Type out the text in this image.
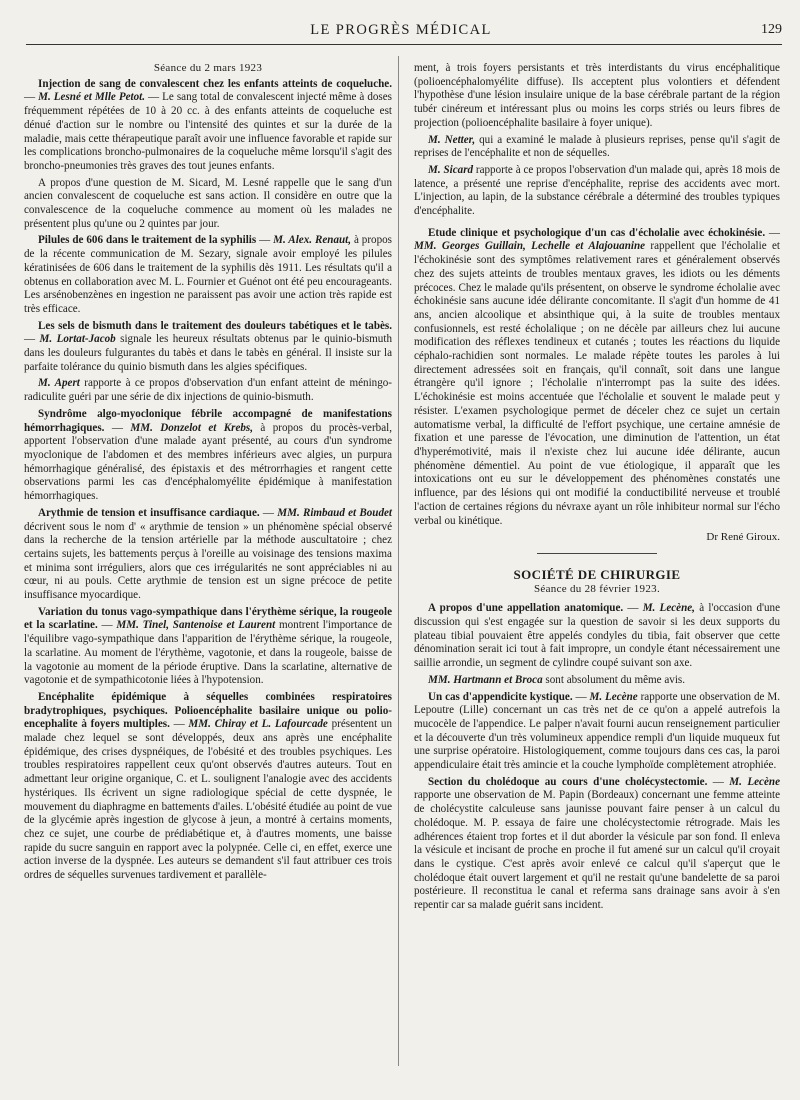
LE PROGRÈS MÉDICAL	129
Séance du 2 mars 1923

Injection de sang de convalescent chez les enfants atteints de coqueluche. — M. Lesné et Mlle Petot. — Le sang total de convalescent injecté même à doses fréquemment répétées de 10 à 20 cc. à des enfants atteints de coqueluche est dénué d'action sur le nombre ou l'intensité des quintes et sur la durée de la maladie, mais cette thérapeutique paraît avoir une influence favorable et rapide sur les complications broncho-pulmonaires de la coqueluche même lorsqu'il s'agit des broncho-pneumonies très graves des tout jeunes enfants.

A propos d'une question de M. Sicard, M. Lesné rappelle que le sang d'un ancien convalescent de coqueluche est sans action. Il considère en outre que la convalescence de la coqueluche commence au moment où les malades ne présentent plus qu'une ou 2 quintes par jour.

Pilules de 606 dans le traitement de la syphilis — M. Alex. Renaut, à propos de la récente communication de M. Sezary, signale avoir employé les pilules kératinisées de 606 dans le traitement de la syphilis dès 1911. Les résultats qu'il a obtenus en collaboration avec M. L. Fournier et Guénot ont été peu encourageants. Les arsénobenzènes en ingestion ne paraissent pas avoir une action très rapide est très efficace.

Les sels de bismuth dans le traitement des douleurs tabétiques et le tabès. — M. Lortat-Jacob signale les heureux résultats obtenus par le quinio-bismuth dans les douleurs fulgurantes du tabès et dans le tabès en général. Il insiste sur la parfaite tolérance du quinio bismuth dans les algies spécifiques.

M. Apert rapporte à ce propos d'observation d'un enfant atteint de méningo-radiculite guéri par une série de dix injections de quinio-bismuth.

Syndrôme algo-myoclonique fébrile accompagné de manifestations hémorrhagiques. — MM. Donzelot et Krebs, à propos du procès-verbal, apportent l'observation d'une malade ayant présenté, au cours d'un syndrome myoclonique de l'abdomen et des membres inférieurs avec algies, un purpura hémorrhagique généralisé, des épistaxis et des métrorrhagies et rangent cette observations parmi les cas d'encéphalomyélite épidémique à manifestation hémorrhagiques.

Arythmie de tension et insuffisance cardiaque. — MM. Rimbaud et Boudet décrivent sous le nom d' « arythmie de tension » un phénomène spécial observé dans la recherche de la tension artérielle par la méthode auscultatoire ; chez certains sujets, les battements perçus à l'oreille au voisinage des tensions maxima et minima sont irréguliers, alors que ces irrégularités ne sont appréciables ni au cœur, ni au pouls. Cette arythmie de tension est un signe précoce de petite insuffisance myocardique.

Variation du tonus vago-sympathique dans l'érythème sérique, la rougeole et la scarlatine. — MM. Tinel, Santenoise et Laurent montrent l'importance de l'équilibre vago-sympathique dans l'apparition de l'érythème sérique, la rougeole, la scarlatine. Au moment de l'érythème, vagotonie, et dans la rougeole, baisse de la vagotonie au moment de la période éruptive. Dans la scarlatine, alternative de vagotonie et de sympathicotonie liées à l'hypotension.

Encéphalite épidémique à séquelles combinées respiratoires bradytrophiques, psychiques. Polioencéphalite basilaire unique ou polio-encephalite à foyers multiples. — MM. Chiray et L. Lafourcade présentent un malade chez lequel se sont développés, deux ans après une encéphalite épidémique, des crises dyspnéiques, de l'obésité et des troubles psychiques. Les troubles respiratoires rappellent ceux qu'ont observés d'autres auteurs. Tout en admettant leur origine organique, C. et L. soulignent l'analogie avec des accidents hystériques. Ils écrivent un signe radiologique spécial de cette dyspnée, le mouvement du diaphragme en battements d'ailes. L'obésité étudiée au point de vue de la glycémie après ingestion de glycose à jeun, a montré à certains moments, chez ce sujet, une courbe de prédiabétique et, à d'autres moments, une baisse rapide du sucre sanguin en rapport avec la polypnée. Celle ci, en effet, exerce une action inverse de la dyspnée. Les auteurs se demandent s'il faut attribuer ces trois ordres de séquelles survenues tardivement et parallèle-

ment, à trois foyers persistants et très interdistants du virus encéphalitique (polioencéphalomyélite diffuse). Ils acceptent plus volontiers et défendent l'hypothèse d'une lésion insulaire unique de la base cérébrale partant de la région tubér cinéreum et intéressant plus ou moins les corps striés ou leurs fibres de projection (polioencéphalite basilaire à foyer unique).

M. Netter, qui a examiné le malade à plusieurs reprises, pense qu'il s'agit de reprises de l'encéphalite et non de séquelles.

M. Sicard rapporte à ce propos l'observation d'un malade qui, après 18 mois de latence, a présenté une reprise d'encéphalite, reprise des accidents avec mort. L'injection, au lapin, de la substance cérébrale a déterminé des troubles typiques d'encéphalite.

Etude clinique et psychologique d'un cas d'écholalie avec échokinésie. — MM. Georges Guillain, Lechelle et Alajouanine rappellent que l'écholalie et l'échokinésie sont des symptômes relativement rares et généralement observés chez des sujets atteints de troubles mentaux graves, les idiots ou les déments précoces. Chez le malade qu'ils présentent, on observe le syndrome écholalie avec échokinésie sans aucune idée délirante concomitante. Il s'agit d'un homme de 41 ans, ancien alcoolique et absinthique qui, à la suite de troubles mentaux confusionnels, est resté écholalique ; on ne décèle par ailleurs chez lui aucune modification des réflexes tendineux et cutanés ; toutes les réactions du liquide céphalo-rachidien sont normales. Le malade répète toutes les paroles à lui directement adressées soit en français, qu'il connaît, soit dans une langue étrangère qu'il ignore ; l'écholalie n'interrompt pas la suite des idées. L'échokinésie est moins accentuée que l'écholalie et souvent le malade peut y résister. L'examen psychologique permet de déceler chez ce sujet un certain automatisme verbal, la difficulté de l'effort psychique, une certaine amnésie de fixation et une paresse de l'évocation, une diminution de l'attention, un état d'hyperémotivité, mais il n'existe chez lui aucune idée délirante, aucun phénomène démentiel. Au point de vue étiologique, il apparaît que les intoxications ont eu sur le développement des phénomènes constatés une influence, par des lésions qui ont modifié la conductibilité nerveuse et troublé l'action de certaines régions du névraxe ayant un rôle inhibiteur normal sur l'écho verbal ou kinétique.

Dr René Giroux.
SOCIÉTÉ DE CHIRURGIE
Séance du 28 février 1923.

A propos d'une appellation anatomique. — M. Lecène, à l'occasion d'une discussion qui s'est engagée sur la question de savoir si les deux supports du plateau tibial pouvaient être appelés condyles du tibia, fait observer que cette dénomination serait ici tout à fait impropre, un condyle étant nécessairement une saillie arrondie, un segment de cylindre coupé suivant son axe.

MM. Hartmann et Broca sont absolument du même avis.

Un cas d'appendicite kystique. — M. Lecène rapporte une observation de M. Lepoutre (Lille) concernant un cas très net de ce qu'on a appelé autrefois la mucocèle de l'appendice. Le palper n'avait fourni aucun renseignement particulier et la découverte d'un très volumineux appendice rempli d'un liquide muqueux fut une surprise opératoire. Histologiquement, comme toujours dans ces cas, la paroi appendiculaire était très amincie et la couche lymphoïde complètement atrophiée.

Section du cholédoque au cours d'une cholécystectomie. — M. Lecène rapporte une observation de M. Papin (Bordeaux) concernant une femme atteinte de cholécystite calculeuse sans jaunisse pouvant faire penser à un calcul du cholédoque. M. P. essaya de faire une cholécystectomie rétrograde. Mais les adhérences étaient trop fortes et il dut aborder la vésicule par son fond. Il enleva la vésicule et incisant de proche en proche il fut amené sur un calcul qu'il croyait dans le cystique. C'est après avoir enlevé ce calcul qu'il s'aperçut que le cholédoque était ouvert largement et qu'il ne restait qu'une bandelette de sa paroi postérieure. Il reconstitua le canal et referma sans drainage sans avoir à s'en repentir car sa malade guérit sans incident.
